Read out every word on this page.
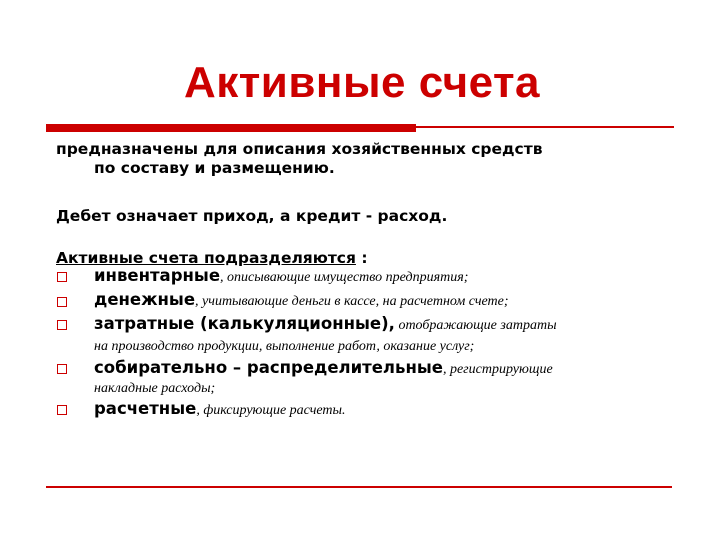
Активные счета
предназначены для описания хозяйственных средств
по составу и размещению.
Дебет означает приход, а кредит - расход.
Активные счета подразделяются :
инвентарные, описывающие имущество предприятия;
денежные, учитывающие деньги в кассе, на расчетном счете;
затратные (калькуляционные), отображающие затраты
на производство продукции, выполнение работ, оказание услуг;
собирательно – распределительные, регистрирующие
накладные расходы;
расчетные, фиксирующие расчеты.
